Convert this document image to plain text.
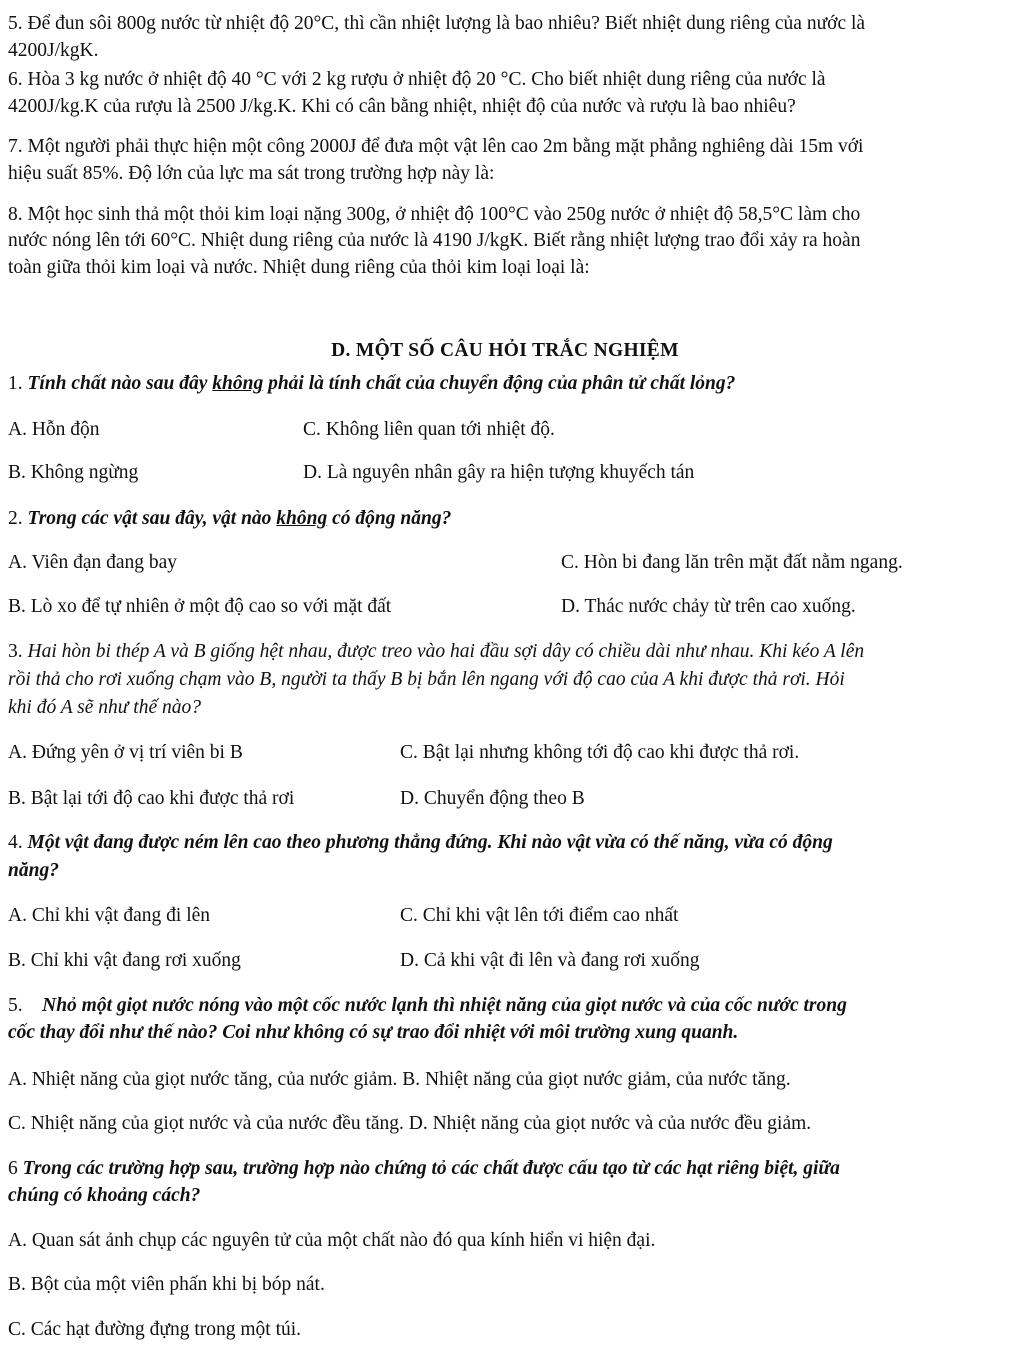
5. Để đun sôi 800g nước từ nhiệt độ 20°C, thì cần nhiệt lượng là bao nhiêu? Biết nhiệt dung riêng của nước là

4200J/kgK.

6. Hòa 3 kg nước ở nhiệt độ 40 °C với 2 kg rượu ở nhiệt độ 20 °C. Cho biết nhiệt dung riêng của nước là

4200J/kg.K của rượu là 2500 J/kg.K. Khi có cân bằng nhiệt, nhiệt độ của nước và rượu là bao nhiêu?

7. Một người phải thực hiện một công 2000J để đưa một vật lên cao 2m bằng mặt phẳng nghiêng dài 15m với

hiệu suất 85%. Độ lớn của lực ma sát trong trường hợp này là:

8. Một học sinh thả một thỏi kim loại nặng 300g, ở nhiệt độ 100°C vào 250g nước ở nhiệt độ 58,5°C làm cho

nước nóng lên tới 60°C. Nhiệt dung riêng của nước là 4190 J/kgK. Biết rằng nhiệt lượng trao đổi xảy ra hoàn

toàn giữa thỏi kim loại và nước. Nhiệt dung riêng của thỏi kim loại loại là:

D. MỘT SỐ CÂU HỎI TRẮC NGHIỆM

1. Tính chất nào sau đây không phải là tính chất của chuyển động của phân tử chất lỏng?

A. Hỗn độn	C. Không liên quan tới nhiệt độ.
B. Không ngừng	D. Là nguyên nhân gây ra hiện tượng khuyếch tán

2. Trong các vật sau đây, vật nào không có động năng?

A. Viên đạn đang bay	C. Hòn bi đang lăn trên mặt đất nằm ngang.
B. Lò xo để tự nhiên ở một độ cao so với mặt đất	D. Thác nước chảy từ trên cao xuống.

3. Hai hòn bi thép A và B giống hệt nhau, được treo vào hai đầu sợi dây có chiều dài như nhau. Khi kéo A lên

rồi thả cho rơi xuống chạm vào B, người ta thấy B bị bắn lên ngang với độ cao của A khi được thả rơi. Hỏi

khi đó A sẽ như thế nào?

A. Đứng yên ở vị trí viên bi B	C. Bật lại nhưng không tới độ cao khi được thả rơi.
B. Bật lại tới độ cao khi được thả rơi	D. Chuyển động theo B

4. Một vật đang được ném lên cao theo phương thẳng đứng. Khi nào vật vừa có thế năng, vừa có động

năng?

A. Chỉ khi vật đang đi lên	C. Chỉ khi vật lên tới điểm cao nhất
B. Chỉ khi vật đang rơi xuống	D. Cả khi vật đi lên và đang rơi xuống

5. Nhỏ một giọt nước nóng vào một cốc nước lạnh thì nhiệt năng của giọt nước và của cốc nước trong

cốc thay đổi như thế nào? Coi như không có sự trao đổi nhiệt với môi trường xung quanh.

A. Nhiệt năng của giọt nước tăng, của nước giảm. B. Nhiệt năng của giọt nước giảm, của nước tăng.

C. Nhiệt năng của giọt nước và của nước đều tăng. D. Nhiệt năng của giọt nước và của nước đều giảm.

6 Trong các trường hợp sau, trường hợp nào chứng tỏ các chất được cấu tạo từ các hạt riêng biệt, giữa

chúng có khoảng cách?

A. Quan sát ảnh chụp các nguyên tử của một chất nào đó qua kính hiển vi hiện đại.

B. Bột của một viên phấn khi bị bóp nát.

C. Các hạt đường đựng trong một túi.
